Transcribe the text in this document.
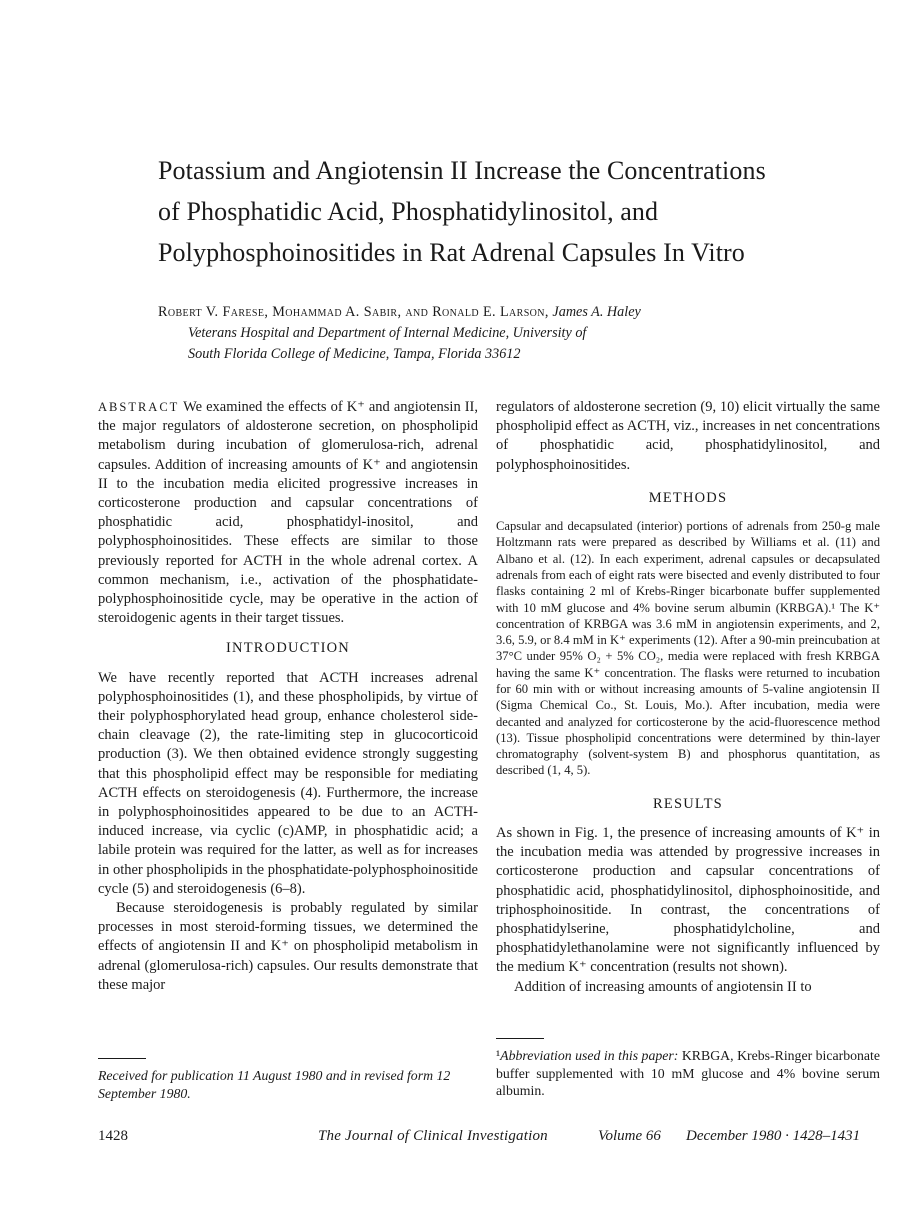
Potassium and Angiotensin II Increase the Concentrations
of Phosphatidic Acid, Phosphatidylinositol, and
Polyphosphoinositides in Rat Adrenal Capsules In Vitro
Robert V. Farese, Mohammad A. Sabir, and Ronald E. Larson, James A. Haley
Veterans Hospital and Department of Internal Medicine, University of
South Florida College of Medicine, Tampa, Florida 33612

ABSTRACT We examined the effects of K⁺ and angiotensin II, the major regulators of aldosterone secretion, on phospholipid metabolism during incubation of glomerulosa-rich, adrenal capsules. Addition of increasing amounts of K⁺ and angiotensin II to the incubation media elicited progressive increases in corticosterone production and capsular concentrations of phosphatidic acid, phosphatidyl-inositol, and polyphosphoinositides. These effects are similar to those previously reported for ACTH in the whole adrenal cortex. A common mechanism, i.e., activation of the phosphatidate-polyphosphoinositide cycle, may be operative in the action of steroidogenic agents in their target tissues.

INTRODUCTION

We have recently reported that ACTH increases adrenal polyphosphoinositides (1), and these phospholipids, by virtue of their polyphosphorylated head group, enhance cholesterol side-chain cleavage (2), the rate-limiting step in glucocorticoid production (3). We then obtained evidence strongly suggesting that this phospholipid effect may be responsible for mediating ACTH effects on steroidogenesis (4). Furthermore, the increase in polyphosphoinositides appeared to be due to an ACTH-induced increase, via cyclic (c)AMP, in phosphatidic acid; a labile protein was required for the latter, as well as for increases in other phospholipids in the phosphatidate-polyphosphoinositide cycle (5) and steroidogenesis (6–8).

Because steroidogenesis is probably regulated by similar processes in most steroid-forming tissues, we determined the effects of angiotensin II and K⁺ on phospholipid metabolism in adrenal (glomerulosa-rich) capsules. Our results demonstrate that these major

Received for publication 11 August 1980 and in revised form 12 September 1980.

regulators of aldosterone secretion (9, 10) elicit virtually the same phospholipid effect as ACTH, viz., increases in net concentrations of phosphatidic acid, phosphatidylinositol, and polyphosphoinositides.

METHODS

Capsular and decapsulated (interior) portions of adrenals from 250-g male Holtzmann rats were prepared as described by Williams et al. (11) and Albano et al. (12). In each experiment, adrenal capsules or decapsulated adrenals from each of eight rats were bisected and evenly distributed to four flasks containing 2 ml of Krebs-Ringer bicarbonate buffer supplemented with 10 mM glucose and 4% bovine serum albumin (KRBGA).¹ The K⁺ concentration of KRBGA was 3.6 mM in angiotensin experiments, and 2, 3.6, 5.9, or 8.4 mM in K⁺ experiments (12). After a 90-min preincubation at 37°C under 95% O₂ + 5% CO₂, media were replaced with fresh KRBGA having the same K⁺ concentration. The flasks were returned to incubation for 60 min with or without increasing amounts of 5-valine angiotensin II (Sigma Chemical Co., St. Louis, Mo.). After incubation, media were decanted and analyzed for corticosterone by the acid-fluorescence method (13). Tissue phospholipid concentrations were determined by thin-layer chromatography (solvent-system B) and phosphorus quantitation, as described (1, 4, 5).

RESULTS

As shown in Fig. 1, the presence of increasing amounts of K⁺ in the incubation media was attended by progressive increases in corticosterone production and capsular concentrations of phosphatidic acid, phosphatidylinositol, diphosphoinositide, and triphosphoinositide. In contrast, the concentrations of phosphatidylserine, phosphatidylcholine, and phosphatidylethanolamine were not significantly influenced by the medium K⁺ concentration (results not shown).

Addition of increasing amounts of angiotensin II to

¹Abbreviation used in this paper: KRBGA, Krebs-Ringer bicarbonate buffer supplemented with 10 mM glucose and 4% bovine serum albumin.
1428	The Journal of Clinical Investigation	Volume 66 December 1980 · 1428–1431
